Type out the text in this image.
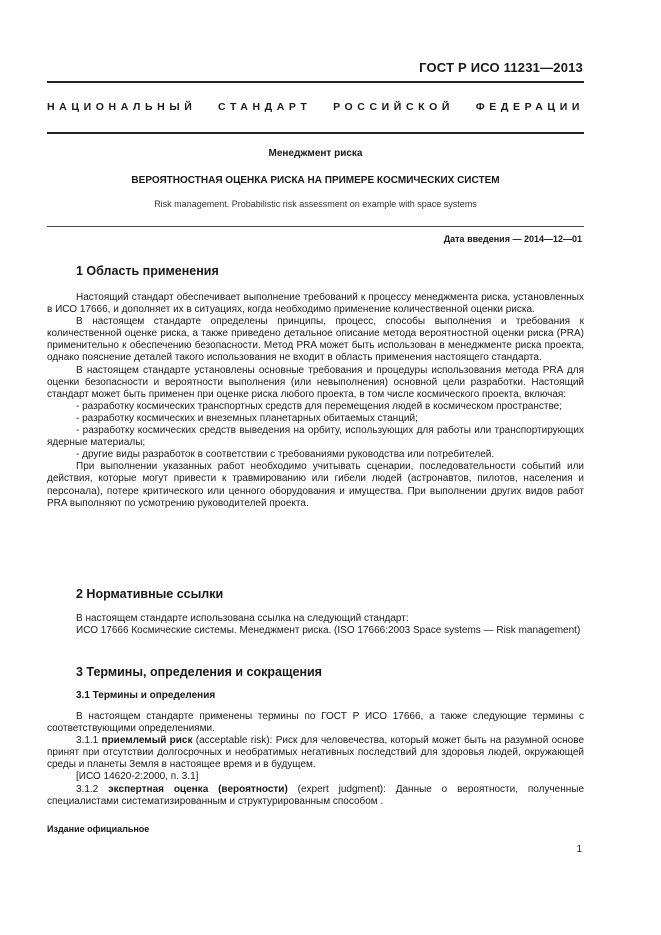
ГОСТ Р ИСО 11231—2013
НАЦИОНАЛЬНЫЙ СТАНДАРТ РОССИЙСКОЙ ФЕДЕРАЦИИ
Менеджмент риска
ВЕРОЯТНОСТНАЯ ОЦЕНКА РИСКА НА ПРИМЕРЕ КОСМИЧЕСКИХ СИСТЕМ
Risk management. Probabilistic risk assessment on example with space systems
Дата введения — 2014—12—01
1 Область применения

Настоящий стандарт обеспечивает выполнение требований к процессу менеджмента риска, установленных в ИСО 17666, и дополняет их в ситуациях, когда необходимо применение количественной оценки риска.

В настоящем стандарте определены принципы, процесс, способы выполнения и требования к количественной оценке риска, а также приведено детальное описание метода вероятностной оценки риска (PRA) применительно к обеспечению безопасности. Метод PRA может быть использован в менеджменте риска проекта, однако пояснение деталей такого использования не входит в область применения настоящего стандарта.

В настоящем стандарте установлены основные требования и процедуры использования метода PRA для оценки безопасности и вероятности выполнения (или невыполнения) основной цели разработки. Настоящий стандарт может быть применен при оценке риска любого проекта, в том числе космического проекта, включая:

- разработку космических транспортных средств для перемещения людей в космическом пространстве;

- разработку космических и внеземных планетарных обитаемых станций;

- разработку космических средств выведения на орбиту, использующих для работы или транспортирующих ядерные материалы;

- другие виды разработок в соответствии с требованиями руководства или потребителей.

При выполнении указанных работ необходимо учитывать сценарии, последовательности событий или действия, которые могут привести к травмированию или гибели людей (астронавтов, пилотов, населения и персонала), потере критического или ценного оборудования и имущества. При выполнении других видов работ PRA выполняют по усмотрению руководителей проекта.

2 Нормативные ссылки

В настоящем стандарте использована ссылка на следующий стандарт:

ИСО 17666 Космические системы. Менеджмент риска. (ISO 17666:2003 Space systems — Risk management)

3 Термины, определения и сокращения
3.1 Термины и определения

В настоящем стандарте применены термины по ГОСТ Р ИСО 17666, а также следующие термины с соответствующими определениями.

3.1.1 приемлемый риск (acceptable risk): Риск для человечества, который может быть на разумной основе принят при отсутствии долгосрочных и необратимых негативных последствий для здоровья людей, окружающей среды и планеты Земля в настоящее время и в будущем.

[ИСО 14620-2:2000, п. 3.1]

3.1.2 экспертная оценка (вероятности) (expert judgment): Данные о вероятности, полученные специалистами систематизированным и структурированным способом .

Издание официальное
1
